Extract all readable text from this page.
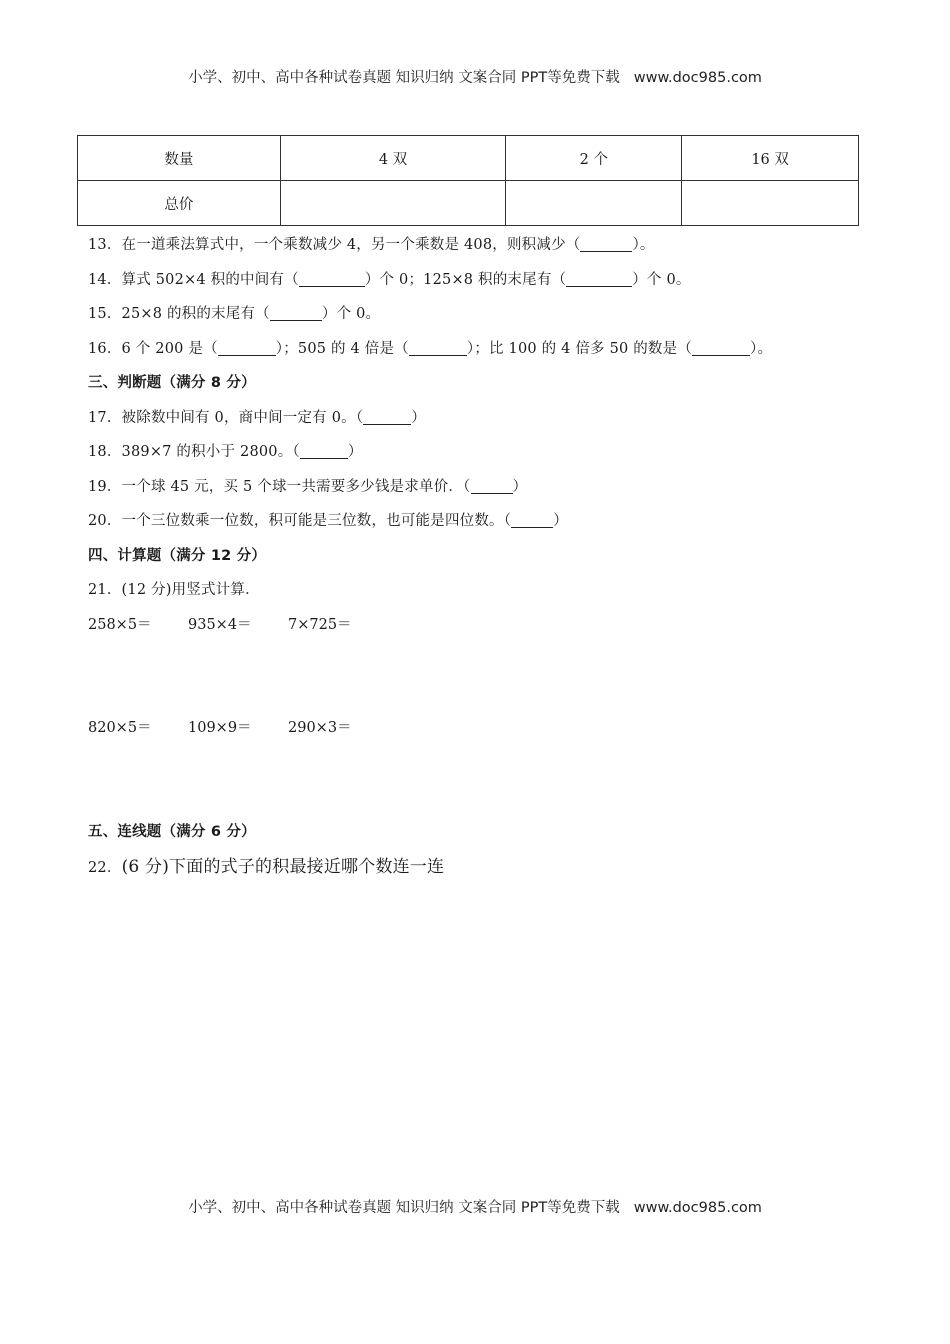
小学、初中、高中各种试卷真题 知识归纳 文案合同 PPT等免费下载 www.doc985.com
数量	4 双	2 个	16 双
总价			
13．在一道乘法算式中，一个乘数减少 4，另一个乘数是 408，则积减少（	）。
14．算式 502×4 积的中间有（	）个 0；125×8 积的末尾有（	）个 0。
15．25×8 的积的末尾有（	）个 0。
16．6 个 200 是（	）；505 的 4 倍是（	）；比 100 的 4 倍多 50 的数是（	）。
三、判断题（满分 8 分）
17．被除数中间有 0，商中间一定有 0。（	）
18．389×7 的积小于 2800。（	）
19．一个球 45 元，买 5 个球一共需要多少钱是求单价．（	）
20．一个三位数乘一位数，积可能是三位数，也可能是四位数。（	）
四、计算题（满分 12 分）
21．(12 分)用竖式计算．
258×5＝	935×4＝	7×725＝
820×5＝	109×9＝	290×3＝
五、连线题（满分 6 分）
22．(6 分)下面的式子的积最接近哪个数连一连
小学、初中、高中各种试卷真题 知识归纳 文案合同 PPT等免费下载 www.doc985.com
